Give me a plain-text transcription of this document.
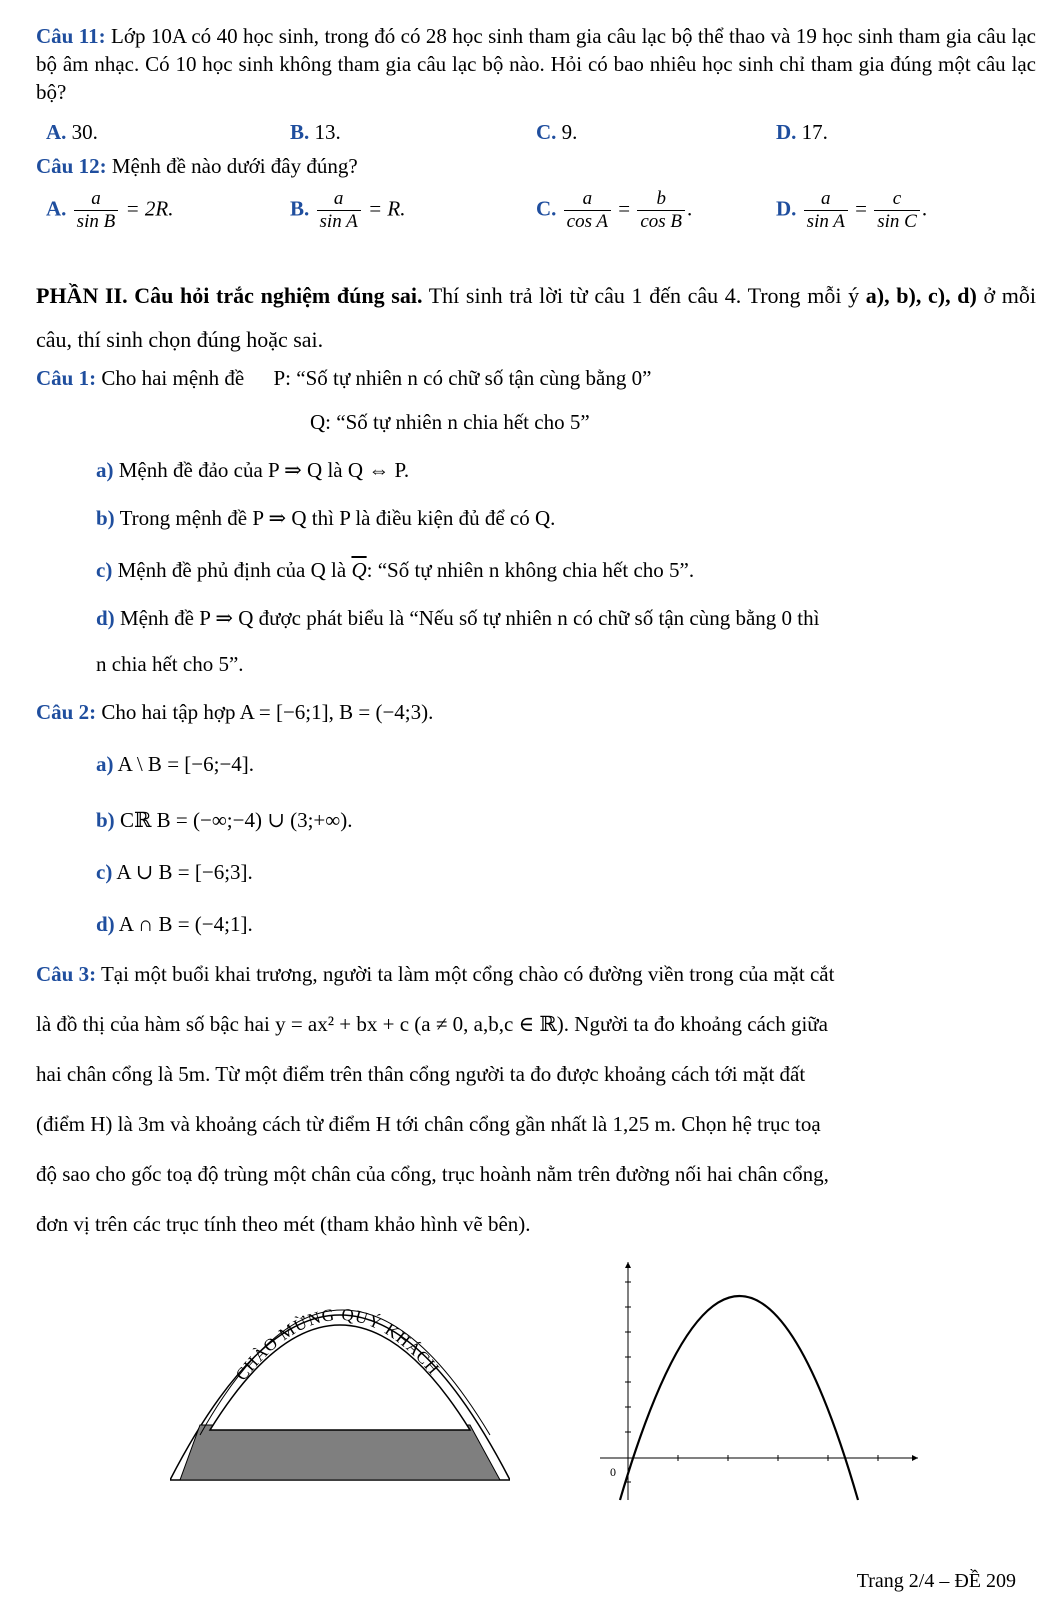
Câu 11: Lớp 10A có 40 học sinh, trong đó có 28 học sinh tham gia câu lạc bộ thể thao và 19 học sinh tham gia câu lạc bộ âm nhạc. Có 10 học sinh không tham gia câu lạc bộ nào. Hỏi có bao nhiêu học sinh chỉ tham gia đúng một câu lạc bộ?
A. 30.	B. 13.	C. 9.	D. 17.
Câu 12: Mệnh đề nào dưới đây đúng?
A. $\frac{a}{\text{sin B}} = 2R$.	B. $\frac{a}{\text{sin A}} = R$.	C. $\frac{a}{\text{cos A}} = \frac{b}{\text{cos B}}$ .	D. $\frac{a}{\text{sin A}} = \frac{c}{\text{sin C}}$ .
PHẦN II. Câu hỏi trắc nghiệm đúng sai. Thí sinh trả lời từ câu 1 đến câu 4. Trong mỗi ý a), b), c), d) ở mỗi câu, thí sinh chọn đúng hoặc sai.
Câu 1: Cho hai mệnh đề P: “Số tự nhiên n có chữ số tận cùng bằng 0”
Q: “Số tự nhiên n chia hết cho 5”
a) Mệnh đề đảo của P ⇒ Q là Q ⇔ P.
b) Trong mệnh đề P ⇒ Q thì P là điều kiện đủ để có Q.
c) Mệnh đề phủ định của Q là $\overline{Q}$: “Số tự nhiên n không chia hết cho 5”.
d) Mệnh đề P ⇒ Q được phát biểu là “Nếu số tự nhiên n có chữ số tận cùng bằng 0 thì
n chia hết cho 5”.
Câu 2: Cho hai tập hợp A = [−6;1], B = (−4;3).
a) A \ B = [−6;−4].
b) Cℝ B = (−∞;−4) ∪ (3;+∞).
c) A ∪ B = [−6;3].
d) A ∩ B = (−4;1].
Câu 3: Tại một buổi khai trương, người ta làm một cổng chào có đường viền trong của mặt cắt
là đồ thị của hàm số bậc hai y = ax² + bx + c (a ≠ 0, a,b,c ∈ ℝ). Người ta đo khoảng cách giữa
hai chân cổng là 5m. Từ một điểm trên thân cổng người ta đo được khoảng cách tới mặt đất
(điểm H) là 3m và khoảng cách từ điểm H tới chân cổng gần nhất là 1,25 m. Chọn hệ trục toạ
độ sao cho gốc toạ độ trùng một chân của cổng, trục hoành nằm trên đường nối hai chân cổng,
đơn vị trên các trục tính theo mét (tham khảo hình vẽ bên).
CHÀO MỪNG QUÝ KHÁCH
0
Trang 2/4 – ĐỀ 209
